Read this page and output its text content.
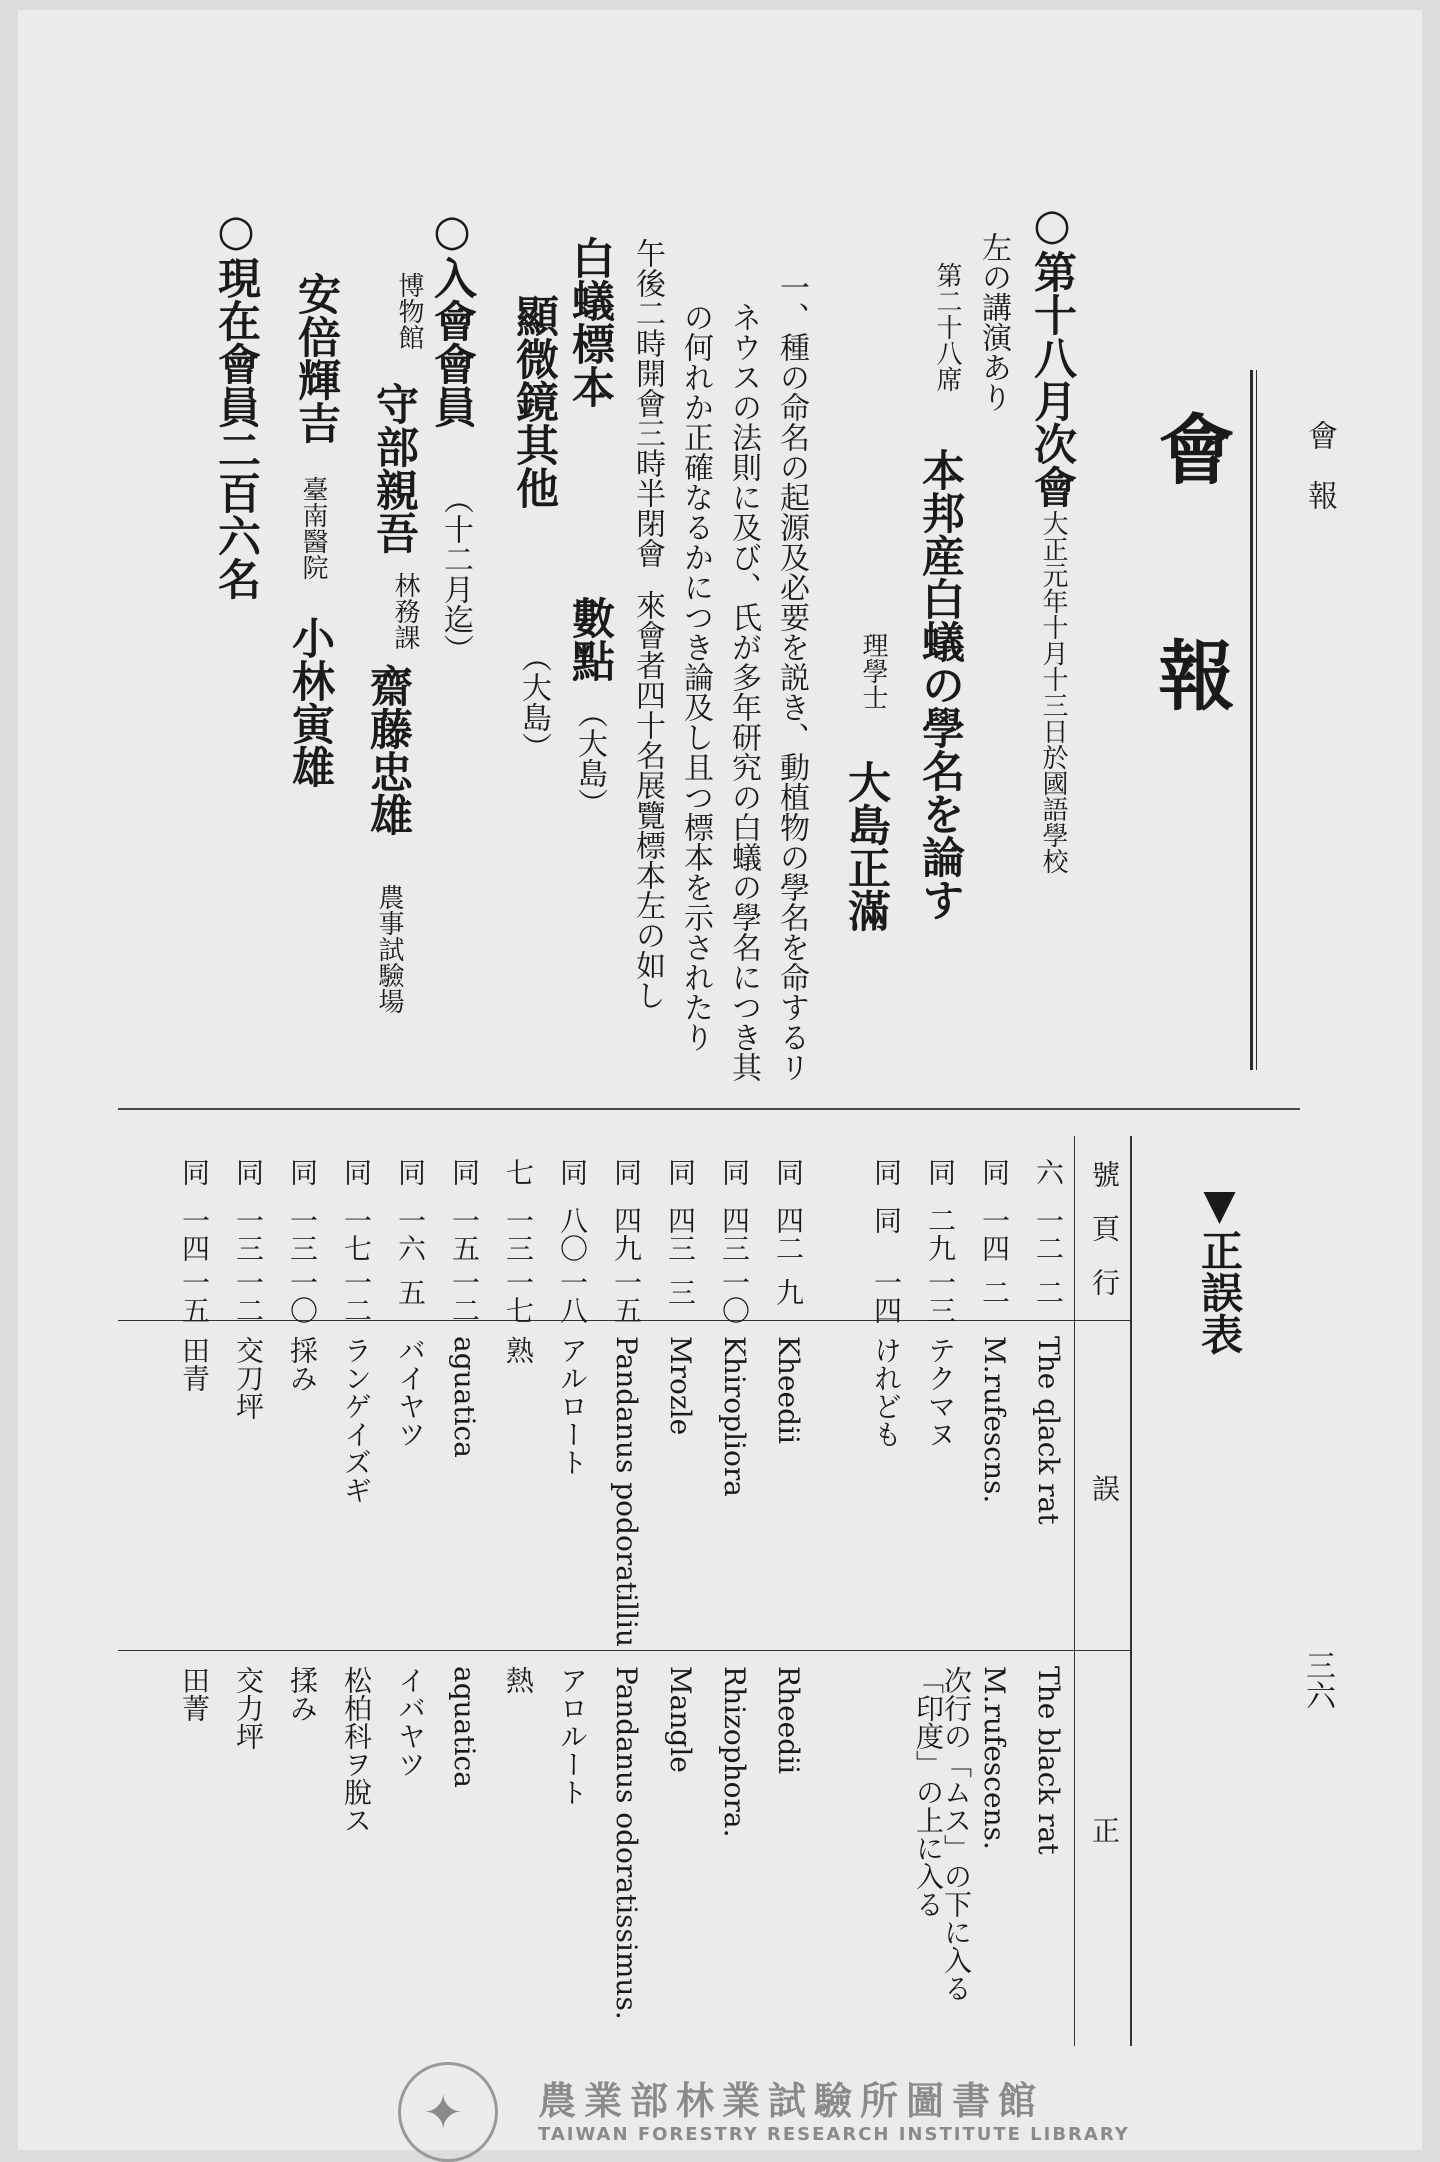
會報
三六
會報
○第十八月次會
大正元年十月十三日於國語學校
左の講演あり
第二十八席
本邦産白蟻の學名を論す
理學士
大島正滿
一、種の命名の起源及必要を説き、動植物の學名を命するリ
ネウスの法則に及び、氏が多年研究の白蟻の學名につき其
の何れか正確なるかにつき論及し且つ標本を示されたり
午後二時開會三時半閉會
來會者四十名展覽標本左の如し
白蟻標本
數點
（大島）
顯微鏡其他
（大島）
○入會會員
（十二月迄）
博物館
守部親吾
林務課
齋藤忠雄
農事試驗場
安倍輝吉
臺南醫院
小林寅雄
○現在會員二百六名
▼正誤表
號
頁
行
誤
正
六
一二
二
The qlack rat
The black rat
同
一四
二
M.rufescns.
M.rufescens.
同
二九
一三
テクマヌ
同
同
一四
けれども
次行の「ムス」の下に入る 「印度」の上に入る
同
四二
九
Kheedii
Rheedii
同
四三
一〇
Khiropliora
Rhizophora.
同
四三
三
Mrozle
Mangle
同
四九
一五
Pandanus podoratilliu
Pandanus odoratissimus.
同
八〇
一八
アルロート
アロルート
七
一三
一七
熟
熱
同
一五
一二
aguatica
aquatica
同
一六
五
バイヤツ
イバヤツ
同
一七
一二
ランゲイズギ
松柏科ヲ脫ス
同
一三
一〇
採み
揉み
同
一三
一二
交刀坪
交力坪
同
一四
一五
田青
田菁
✦ 農業部林業試驗所圖書館
TAIWAN FORESTRY RESEARCH INSTITUTE LIBRARY
